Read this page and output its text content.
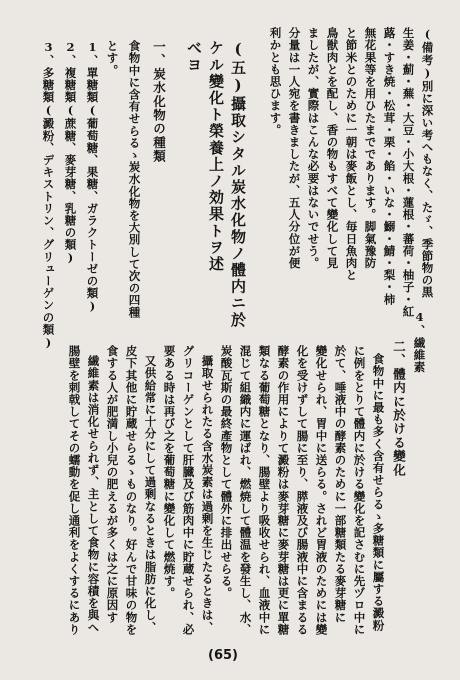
4、繊維素
二、體内に於ける變化
食物中に最も多く含有せらるゝ多糖類に屬する澱粉
に例をとりて體内に於ける變化を記さむに先ヅロ中に
於て、唾液中の酵素のために一部糖類たる麥芽糖に
變化せられ、胃中に送らる。されど胃液のためには變
化を受けずして腸に至り、膵液及び腸液中に含まるる
酵素の作用によりて澱粉は麥芽糖に麥芽糖は更に單糖
類なる葡萄糖となり、腸壁より吸收せられ、血液中に
混じて組織内に運ばれ、燃焼して體温を發生し、水、
炭酸瓦斯の最終產物として體外に排出せらる。
攝取せられたる含水炭素は過剰を生じたるときは、
グリコーゲンとして肝臓及び筋肉中に貯蔵せられ、必
要ある時は再び之を葡萄糖に變化して燃焼す。
又供給常に十分にして過剰なるときは脂肪に化し、
皮下其他に貯蔵せらるゝものなり。好んで甘味の物を
食する人が肥満し小兒の肥えるが多くは之に原因す
繊維素は消化せられず、主として食物に容積を與へ
腸壁を刺戟してその蠕動を促し通利をよくするにあり
(備考)別に深い考へもなく、たゞ、季節物の黒
生姜・薊・蕪・大豆・小大根・蓮根・蕃荷・柚子・紅
蕗・すき焼・松茸・栗・餡・いな・鰯・鯖・梨・柿
無花果等を用ひたまでであります。脚氣豫防
と節米とのために一朝は麥飯とし、毎日魚肉と
鳥獣肉とを配し、香の物もすべて變化して見
ましたが、實際はこんな必要はないでせう。
分量は一人宛を書きましたが、五人分位が便
利かとも思ひます。
(五)攝取シタル炭水化物ノ體内ニ於
ケル變化ト榮養上ノ効果トヲ述
べヨ
一、炭水化物の種類
食物中に含有せらるゝ炭水化物を大別して次の四種
とす。
1、單糖類(葡萄糖、果糖、ガラクトーゼの類)
2、複糖類(蔗糖、麥芽糖、乳糖の類)
3、多糖類(澱粉、デキストリン、グリューゲンの類)
(65)
